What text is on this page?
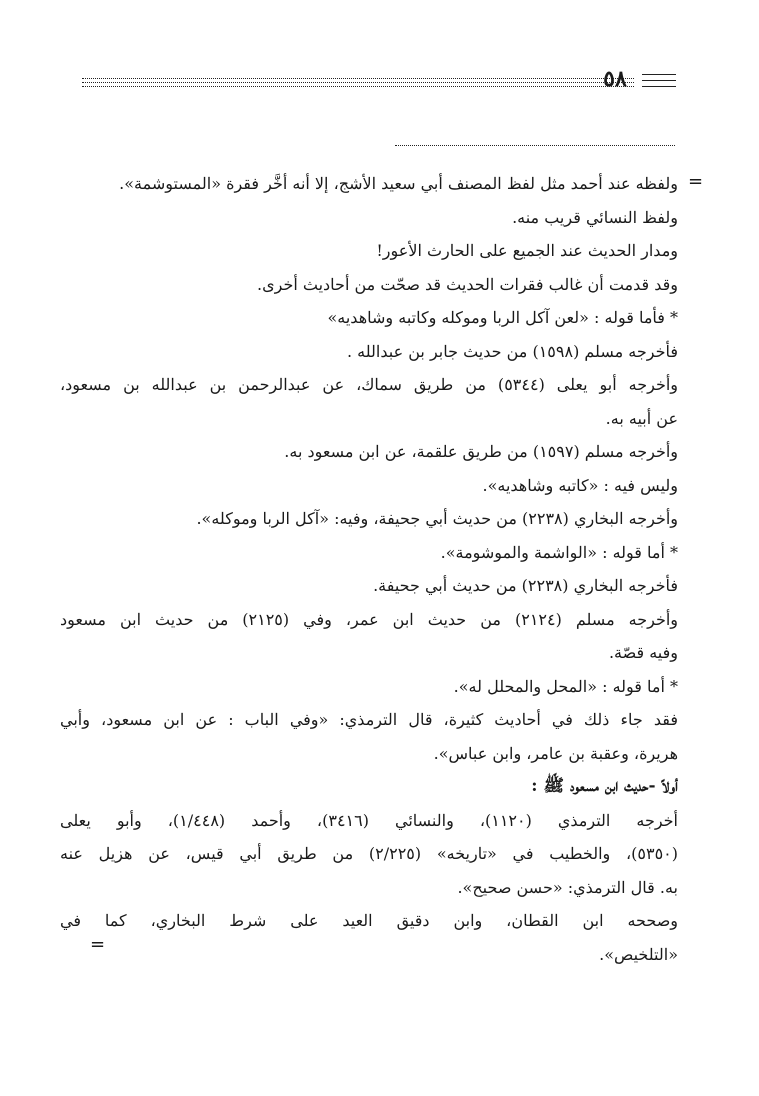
٥٨
=
=
ولفظه عند أحمد مثل لفظ المصنف أبي سعيد الأشج، إلا أنه أخَّر فقرة «المستوشمة».
ولفظ النسائي قريب منه.
ومدار الحديث عند الجميع على الحارث الأعور!
وقد قدمت أن غالب فقرات الحديث قد صحّت من أحاديث أخرى.
* فأما قوله : «لعن آكل الربا وموكله وكاتبه وشاهديه»
فأخرجه مسلم (١٥٩٨) من حديث جابر بن عبدالله .
وأخرجه أبو يعلى (٥٣٤٤) من طريق سماك، عن عبدالرحمن بن عبدالله بن مسعود،
عن أبيه به.
وأخرجه مسلم (١٥٩٧) من طريق علقمة، عن ابن مسعود به.
وليس فيه : «كاتبه وشاهديه».
وأخرجه البخاري (٢٢٣٨) من حديث أبي جحيفة، وفيه: «آكل الربا وموكله».
* أما قوله : «الواشمة والموشومة».
فأخرجه البخاري (٢٢٣٨) من حديث أبي جحيفة.
وأخرجه مسلم (٢١٢٤) من حديث ابن عمر، وفي (٢١٢٥) من حديث ابن مسعود
وفيه قصّة.
* أما قوله : «المحل والمحلل له».
فقد جاء ذلك في أحاديث كثيرة، قال الترمذي: «وفي الباب : عن ابن مسعود، وأبي
هريرة، وعقبة بن عامر، وابن عباس».
أولاً -حديث ابن مسعود ﷺ :
أخرجه الترمذي (١١٢٠)، والنسائي (٣٤١٦)، وأحمد (١/٤٤٨)، وأبو يعلى
(٥٣٥٠)، والخطيب في «تاريخه» (٢/٢٢٥) من طريق أبي قيس، عن هزيل عنه
به. قال الترمذي: «حسن صحيح».
وصححه ابن القطان، وابن دقيق العيد على شرط البخاري، كما في
«التلخيص».
